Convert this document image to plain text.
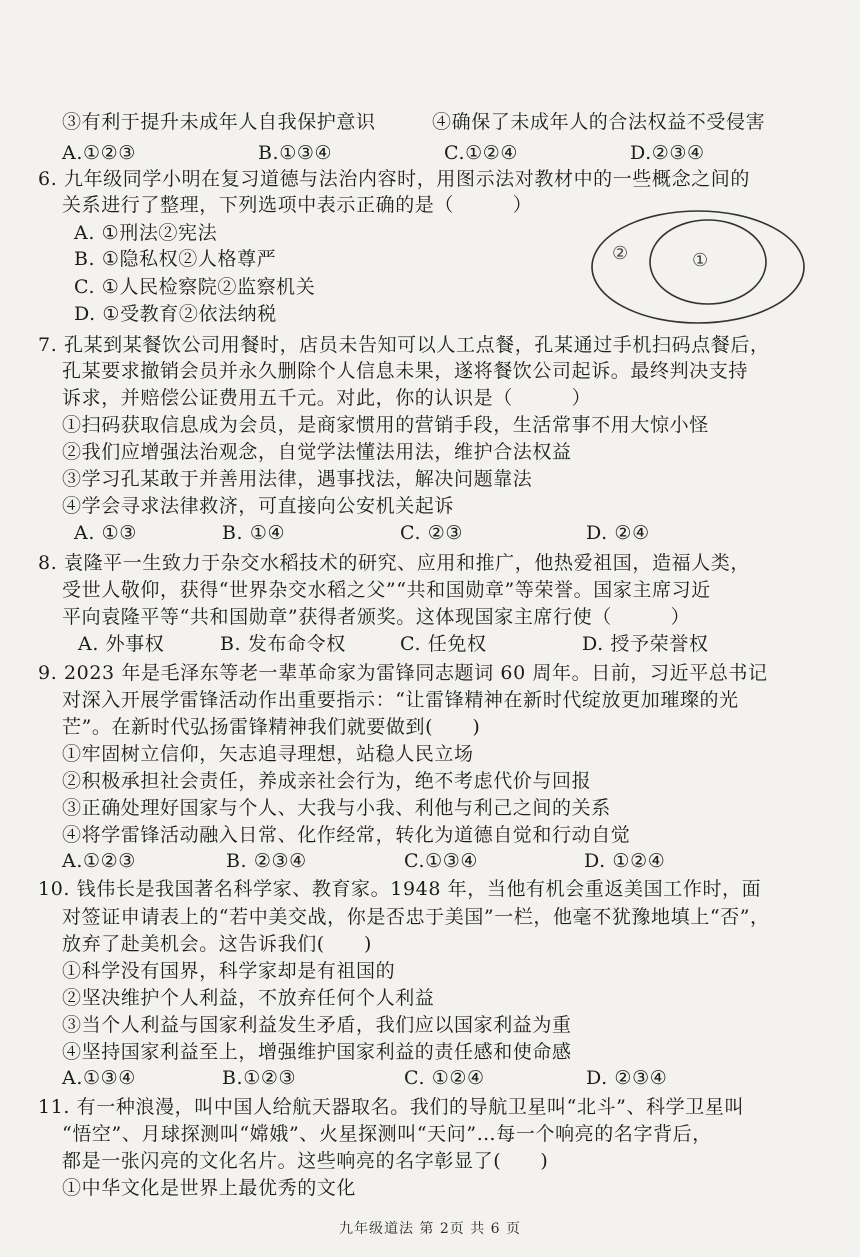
③有利于提升未成年人自我保护意识	④确保了未成年人的合法权益不受侵害
A.①②③	B.①③④	C.①②④	D.②③④
6. 九年级同学小明在复习道德与法治内容时，用图示法对教材中的一些概念之间的
关系进行了整理，下列选项中表示正确的是（　　　）
A. ①刑法②宪法
B. ①隐私权②人格尊严
C. ①人民检察院②监察机关
D. ①受教育②依法纳税
②	①
7. 孔某到某餐饮公司用餐时，店员未告知可以人工点餐，孔某通过手机扫码点餐后，
孔某要求撤销会员并永久删除个人信息未果，遂将餐饮公司起诉。最终判决支持
诉求，并赔偿公证费用五千元。对此，你的认识是（　　　）
①扫码获取信息成为会员，是商家惯用的营销手段，生活常事不用大惊小怪
②我们应增强法治观念，自觉学法懂法用法，维护合法权益
③学习孔某敢于并善用法律，遇事找法，解决问题靠法
④学会寻求法律救济，可直接向公安机关起诉
A. ①③	B. ①④	C. ②③	D. ②④
8. 袁隆平一生致力于杂交水稻技术的研究、应用和推广，他热爱祖国，造福人类，
受世人敬仰，获得“世界杂交水稻之父”“共和国勋章”等荣誉。国家主席习近
平向袁隆平等“共和国勋章”获得者颁奖。这体现国家主席行使（　　　）
A. 外事权	B. 发布命令权	C. 任免权	D. 授予荣誉权
9. 2023 年是毛泽东等老一辈革命家为雷锋同志题词 60 周年。日前，习近平总书记
对深入开展学雷锋活动作出重要指示：“让雷锋精神在新时代绽放更加璀璨的光
芒”。在新时代弘扬雷锋精神我们就要做到(　　)
①牢固树立信仰，矢志追寻理想，站稳人民立场
②积极承担社会责任，养成亲社会行为，绝不考虑代价与回报
③正确处理好国家与个人、大我与小我、利他与利己之间的关系
④将学雷锋活动融入日常、化作经常，转化为道德自觉和行动自觉
A.①②③	B. ②③④	C.①③④	D. ①②④
10. 钱伟长是我国著名科学家、教育家。1948 年，当他有机会重返美国工作时，面
对签证申请表上的“若中美交战，你是否忠于美国”一栏，他毫不犹豫地填上“否”，
放弃了赴美机会。这告诉我们(　　)
①科学没有国界，科学家却是有祖国的
②坚决维护个人利益，不放弃任何个人利益
③当个人利益与国家利益发生矛盾，我们应以国家利益为重
④坚持国家利益至上，增强维护国家利益的责任感和使命感
A.①③④	B.①②③	C. ①②④	D. ②③④
11. 有一种浪漫，叫中国人给航天器取名。我们的导航卫星叫“北斗”、科学卫星叫
“悟空”、月球探测叫“嫦娥”、火星探测叫“天问”…每一个响亮的名字背后，
都是一张闪亮的文化名片。这些响亮的名字彰显了(　　)
①中华文化是世界上最优秀的文化
九年级道法 第 2页 共 6 页
